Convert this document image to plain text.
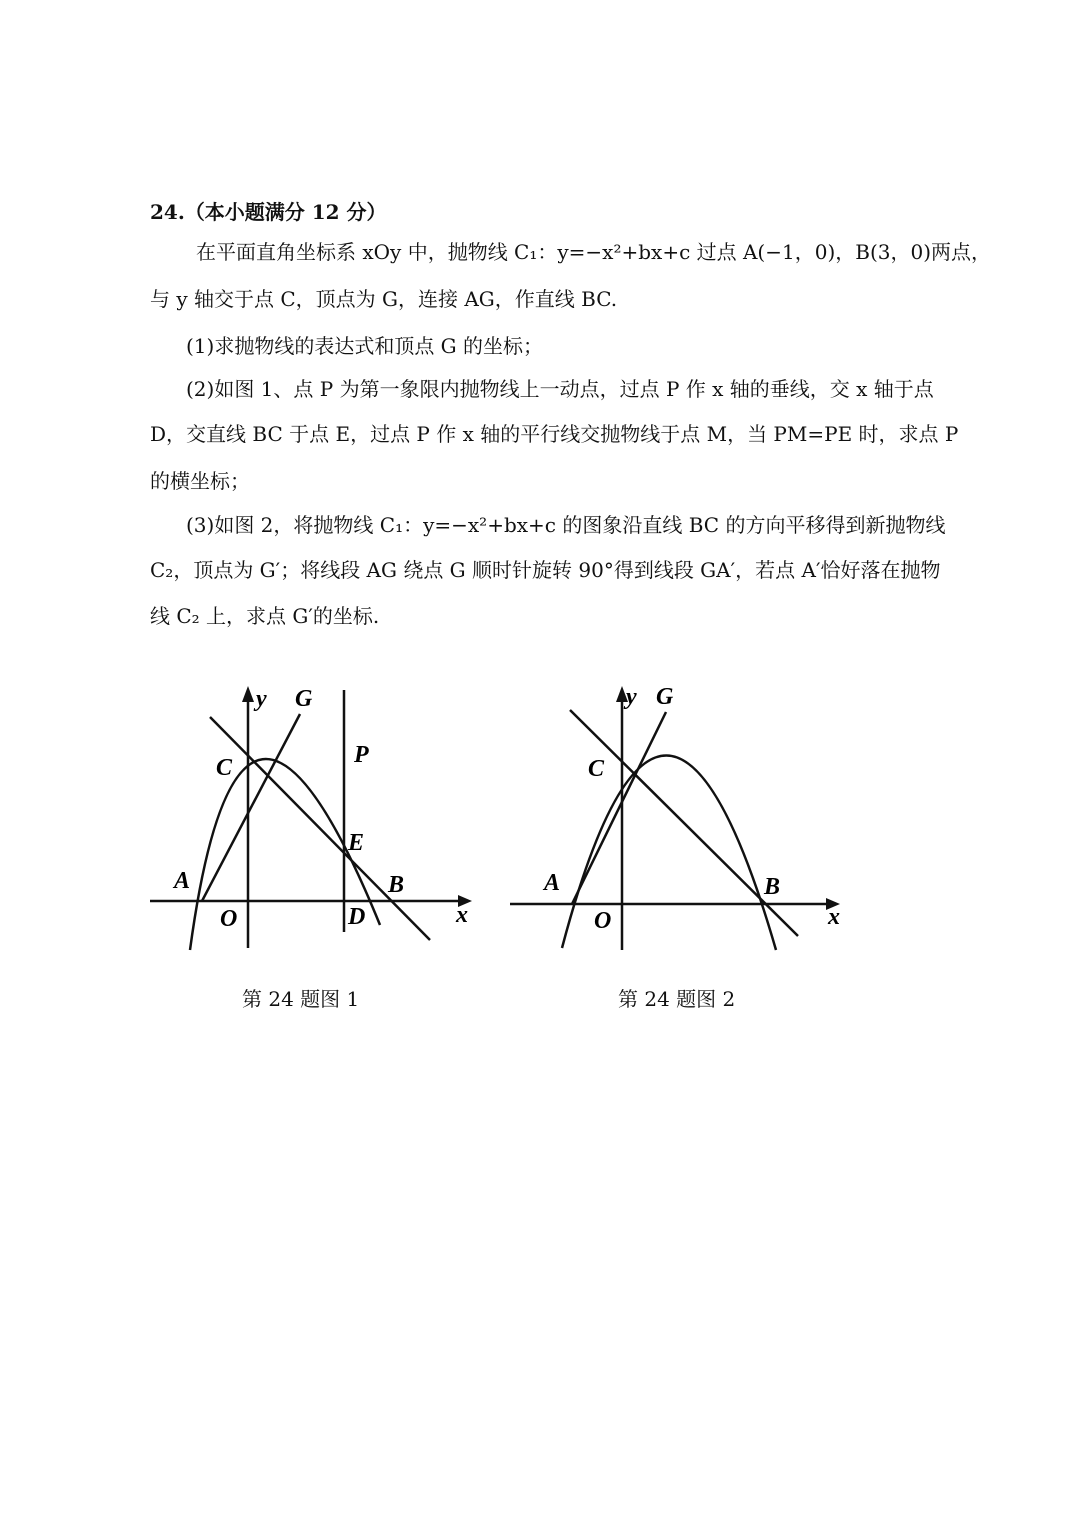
24.（本小题满分 12 分）
在平面直角坐标系 xOy 中，抛物线 C₁：y=−x²+bx+c 过点 A(−1，0)，B(3，0)两点，
与 y 轴交于点 C，顶点为 G，连接 AG，作直线 BC.
(1)求抛物线的表达式和顶点 G 的坐标；
(2)如图 1、点 P 为第一象限内抛物线上一动点，过点 P 作 x 轴的垂线，交 x 轴于点
D，交直线 BC 于点 E，过点 P 作 x 轴的平行线交抛物线于点 M，当 PM=PE 时，求点 P
的横坐标；
(3)如图 2，将抛物线 C₁：y=−x²+bx+c 的图象沿直线 BC 的方向平移得到新抛物线
C₂，顶点为 G′；将线段 AG 绕点 G 顺时针旋转 90°得到线段 GA′，若点 A′恰好落在抛物
线 C₂ 上，求点 G′的坐标.
y G
C	P
E
A	B
O	D	x
第 24 题图 1
y G
C
A	B
O	x
第 24 题图 2
